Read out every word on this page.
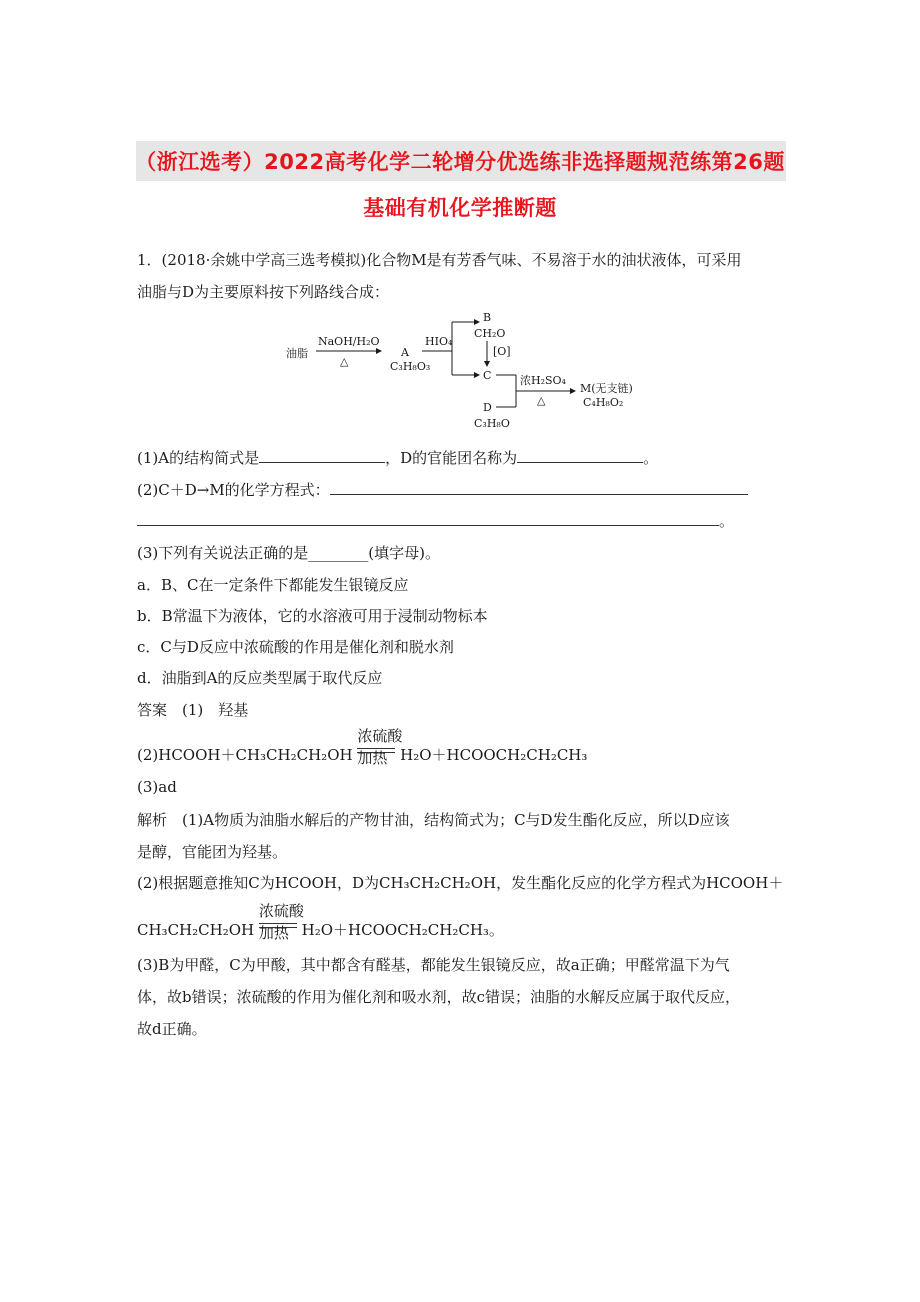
（浙江选考）2022高考化学二轮增分优选练非选择题规范练第26题
基础有机化学推断题
1．(2018·余姚中学高三选考模拟)化合物M是有芳香气味、不易溶于水的油状液体，可采用
油脂与D为主要原料按下列路线合成：
油脂
NaOH/H₂O
△
A
C₃H₈O₃
HIO₄
B
CH₂O
[O]
C
D
C₃H₈O
浓H₂SO₄
△
M(无支链)
C₄H₈O₂
(1)A的结构简式是	，D的官能团名称为	。
(2)C＋D→M的化学方程式：
。
(3)下列有关说法正确的是________(填字母)。
a．B、C在一定条件下都能发生银镜反应
b．B常温下为液体，它的水溶液可用于浸制动物标本
c．C与D反应中浓硫酸的作用是催化剂和脱水剂
d．油脂到A的反应类型属于取代反应
答案　(1)　羟基
(2)HCOOH＋CH₃CH₂CH₂OH
浓硫酸
加热 H₂O＋HCOOCH₂CH₂CH₃
(3)ad
解析　(1)A物质为油脂水解后的产物甘油，结构简式为；C与D发生酯化反应，所以D应该
是醇，官能团为羟基。
(2)根据题意推知C为HCOOH，D为CH₃CH₂CH₂OH，发生酯化反应的化学方程式为HCOOH＋
CH₃CH₂CH₂OH
浓硫酸
加热 H₂O＋HCOOCH₂CH₂CH₃。
(3)B为甲醛，C为甲酸，其中都含有醛基，都能发生银镜反应，故a正确；甲醛常温下为气
体，故b错误；浓硫酸的作用为催化剂和吸水剂，故c错误；油脂的水解反应属于取代反应，
故d正确。
